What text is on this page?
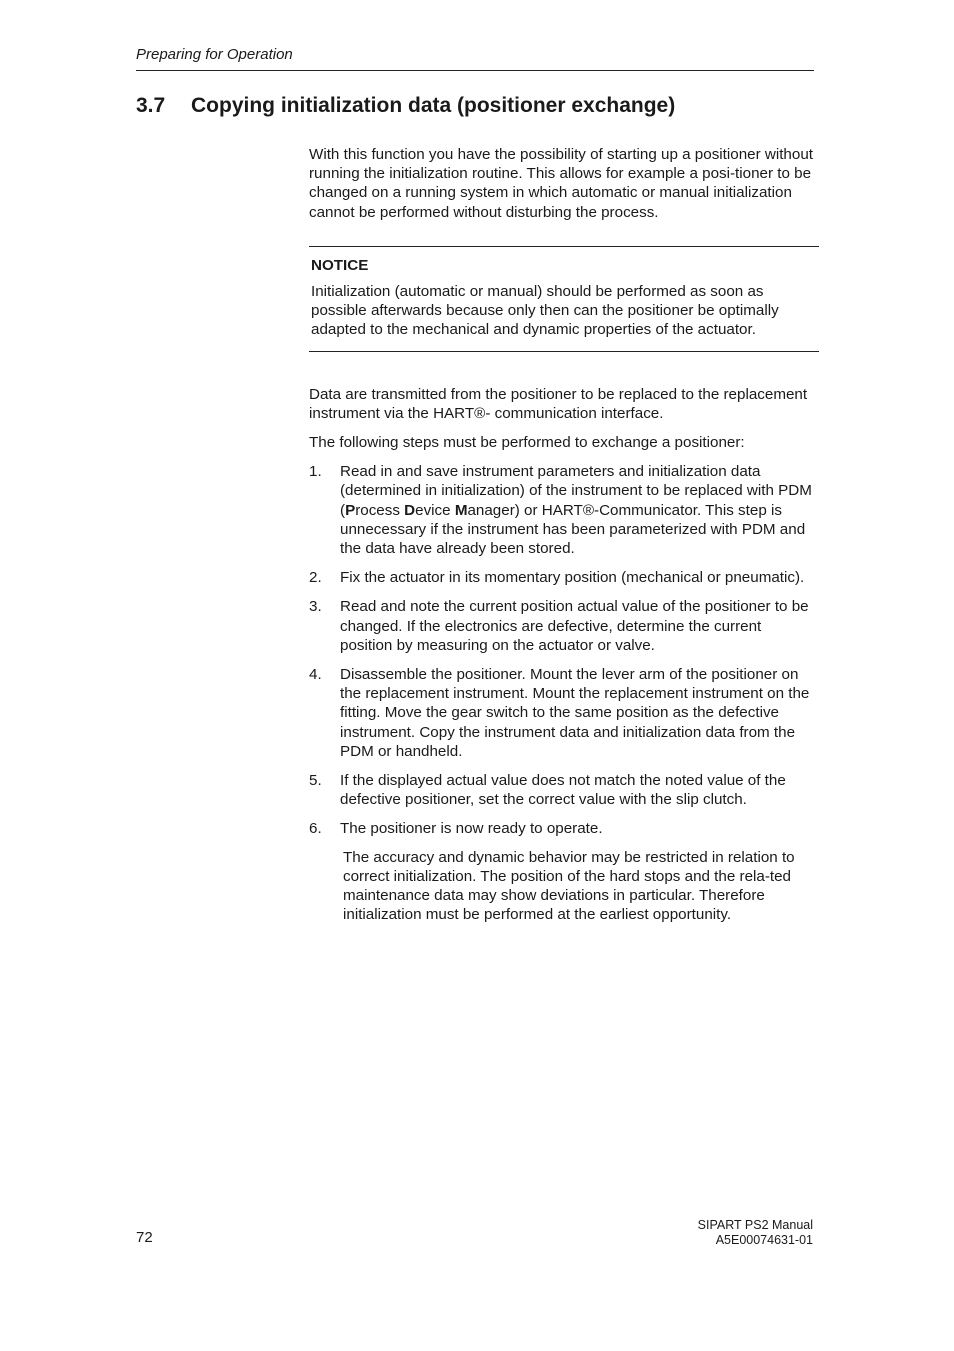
Preparing for Operation
3.7 Copying initialization data (positioner exchange)

With this function you have the possibility of starting up a positioner without running the initialization routine. This allows for example a posi-tioner to be changed on a running system in which automatic or manual initialization cannot be performed without disturbing the process.

NOTICE

Initialization (automatic or manual) should be performed as soon as possible afterwards because only then can the positioner be optimally adapted to the mechanical and dynamic properties of the actuator.

Data are transmitted from the positioner to be replaced to the replacement instrument via the HART®- communication interface.

The following steps must be performed to exchange a positioner:

1.	Read in and save instrument parameters and initialization data (determined in initialization) of the instrument to be replaced with PDM (Process Device Manager) or HART®-Communicator. This step is unnecessary if the instrument has been parameterized with PDM and the data have already been stored.
2.	Fix the actuator in its momentary position (mechanical or pneumatic).
3.	Read and note the current position actual value of the positioner to be changed. If the electronics are defective, determine the current position by measuring on the actuator or valve.
4.	Disassemble the positioner. Mount the lever arm of the positioner on the replacement instrument. Mount the replacement instrument on the fitting. Move the gear switch to the same position as the defective instrument. Copy the instrument data and initialization data from the PDM or handheld.
5.	If the displayed actual value does not match the noted value of the defective positioner, set the correct value with the slip clutch.
6.	The positioner is now ready to operate.

The accuracy and dynamic behavior may be restricted in relation to correct initialization. The position of the hard stops and the rela-ted maintenance data may show deviations in particular. Therefore initialization must be performed at the earliest opportunity.

72
SIPART PS2 Manual
A5E00074631-01
